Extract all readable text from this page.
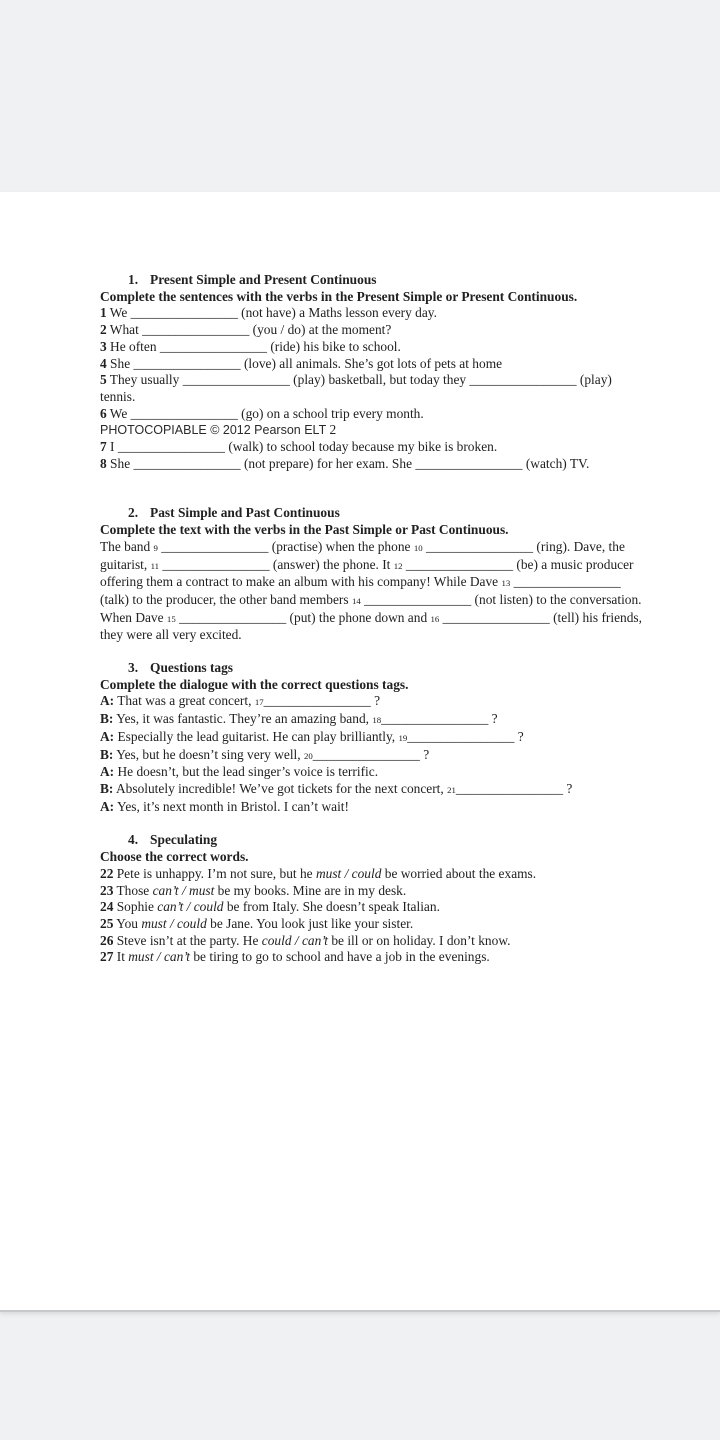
1. Present Simple and Present Continuous
Complete the sentences with the verbs in the Present Simple or Present Continuous.
1 We ________________ (not have) a Maths lesson every day.
2 What ________________ (you / do) at the moment?
3 He often ________________ (ride) his bike to school.
4 She ________________ (love) all animals. She’s got lots of pets at home
5 They usually ________________ (play) basketball, but today they ________________ (play)
tennis.
6 We ________________ (go) on a school trip every month.
PHOTOCOPIABLE © 2012 Pearson ELT 2
7 I ________________ (walk) to school today because my bike is broken.
8 She ________________ (not prepare) for her exam. She ________________ (watch) TV.
2. Past Simple and Past Continuous
Complete the text with the verbs in the Past Simple or Past Continuous.
The band 9 ________________ (practise) when the phone 10 ________________ (ring). Dave, the
guitarist, 11 ________________ (answer) the phone. It 12 ________________ (be) a music producer
offering them a contract to make an album with his company! While Dave 13 ________________
(talk) to the producer, the other band members 14 ________________ (not listen) to the conversation.
When Dave 15 ________________ (put) the phone down and 16 ________________ (tell) his friends,
they were all very excited.
3. Questions tags
Complete the dialogue with the correct questions tags.
A: That was a great concert, 17________________ ?
B: Yes, it was fantastic. They’re an amazing band, 18________________ ?
A: Especially the lead guitarist. He can play brilliantly, 19________________ ?
B: Yes, but he doesn’t sing very well, 20________________ ?
A: He doesn’t, but the lead singer’s voice is terrific.
B: Absolutely incredible! We’ve got tickets for the next concert, 21________________ ?
A: Yes, it’s next month in Bristol. I can’t wait!
4. Speculating
Choose the correct words.
22 Pete is unhappy. I’m not sure, but he must / could be worried about the exams.
23 Those can’t / must be my books. Mine are in my desk.
24 Sophie can’t / could be from Italy. She doesn’t speak Italian.
25 You must / could be Jane. You look just like your sister.
26 Steve isn’t at the party. He could / can’t be ill or on holiday. I don’t know.
27 It must / can’t be tiring to go to school and have a job in the evenings.
